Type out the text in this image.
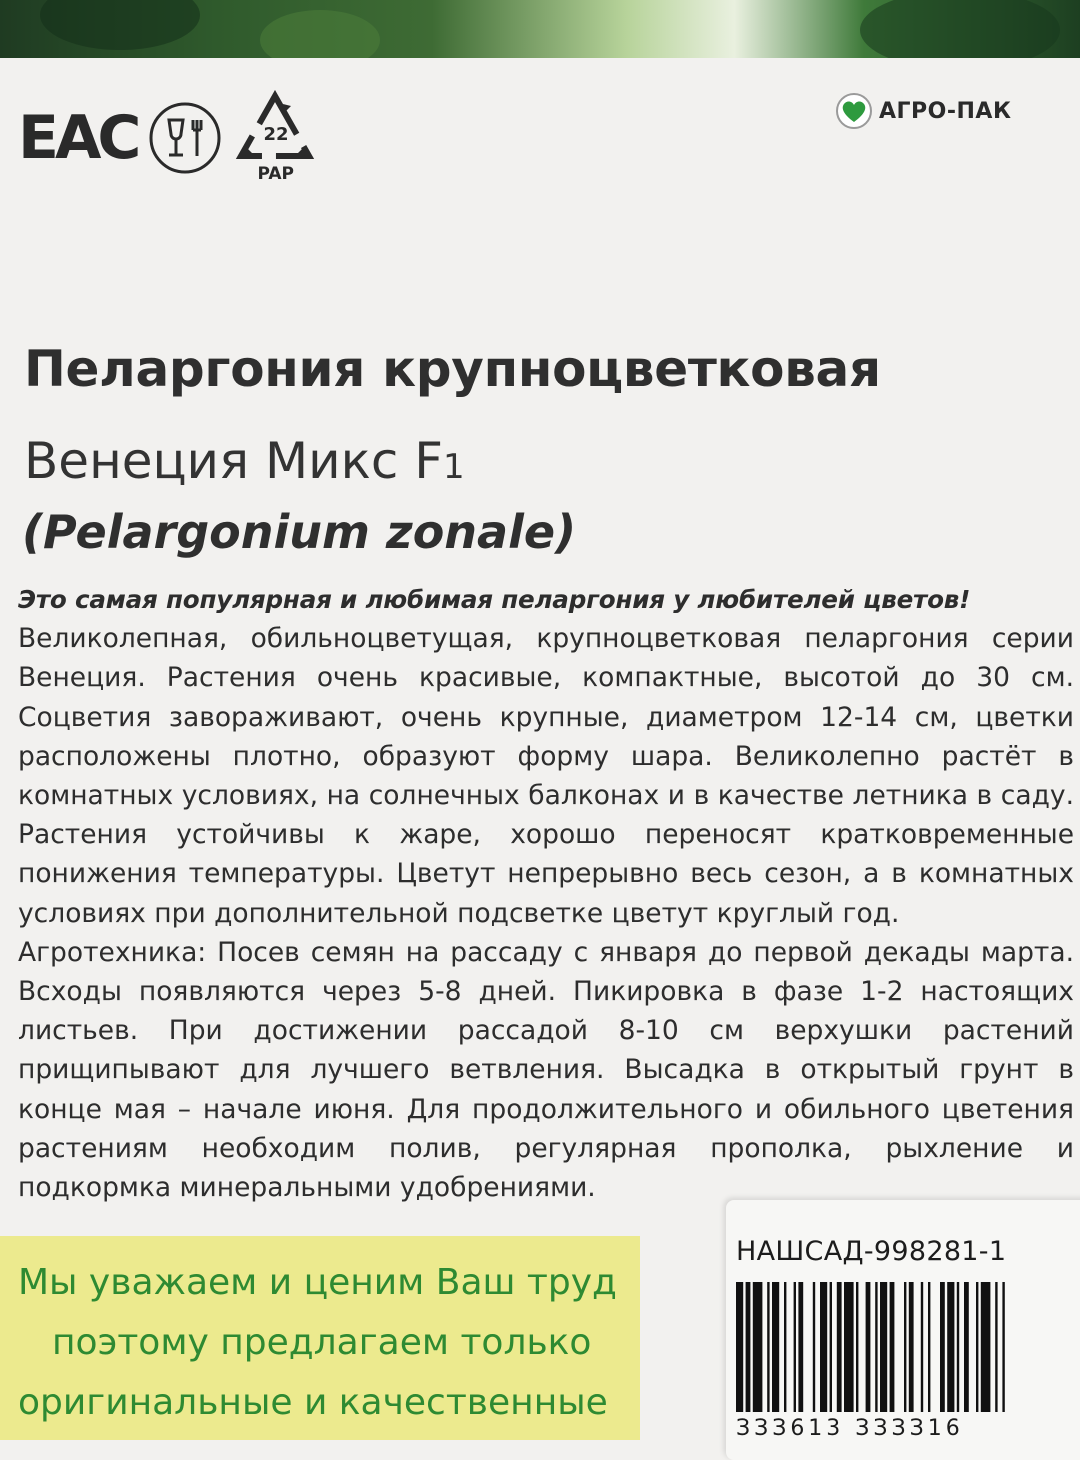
ЕАС	22
PAP
АГРО-ПАК
Пеларгония крупноцветковая
Венеция Микс F1
(Pelargonium zonale)

Это самая популярная и любимая пеларгония у любителей цветов!

Великолепная, обильноцветущая, крупноцветковая пеларгония серии Венеция. Растения очень красивые, компактные, высотой до 30 см. Соцветия завораживают, очень крупные, диаметром 12-14 см, цветки расположены плотно, образуют форму шара. Великолепно растёт в комнатных условиях, на солнечных балконах и в качестве летника в саду. Растения устойчивы к жаре, хорошо переносят кратковременные понижения температуры. Цветут непрерывно весь сезон, а в комнатных условиях при дополнительной подсветке цветут круглый год.

Агротехника: Посев семян на рассаду с января до первой декады марта. Всходы появляются через 5-8 дней. Пикировка в фазе 1-2 настоящих листьев. При достижении рассадой 8-10 см верхушки растений прищипывают для лучшего ветвления. Высадка в открытый грунт в конце мая – начале июня. Для продолжительного и обильного цветения растениям необходим полив, регулярная прополка, рыхление и подкормка минеральными удобрениями.

Мы уважаем и ценим Ваш труд
поэтому предлагаем только
оригинальные и качественные
НАШСАД-998281-1
ЗЗЗ613 ЗЗЗЗ16
